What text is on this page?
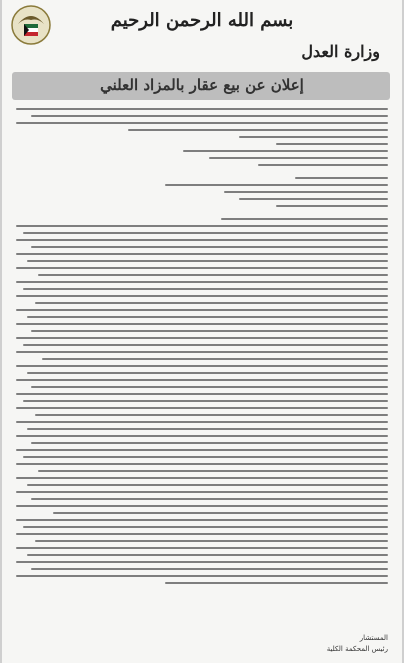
بسم الله الرحمن الرحيم
وزارة العدل
إعلان عن بيع عقار بالمزاد العلني
المستشار
رئيس المحكمة الكلية
